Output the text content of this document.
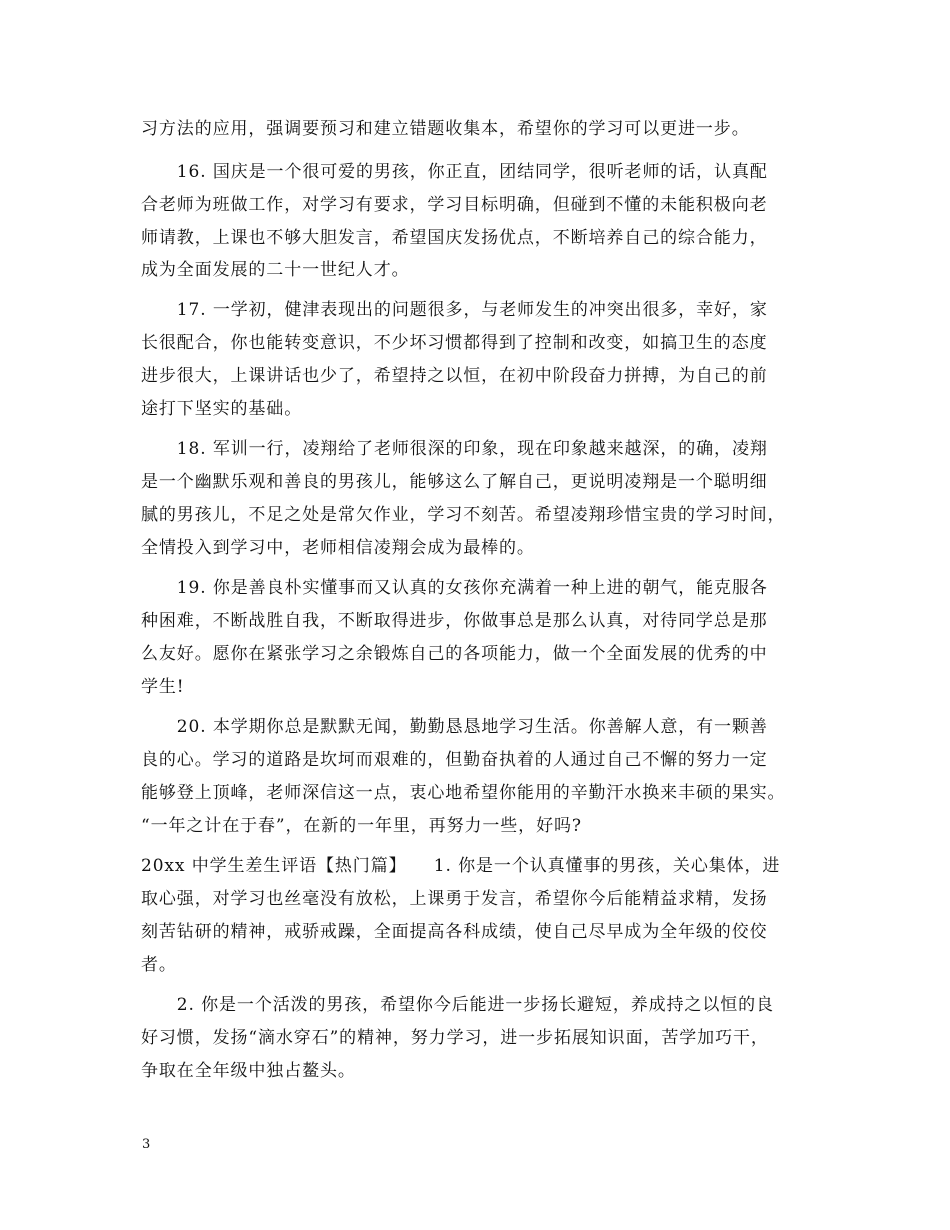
习方法的应用，强调要预习和建立错题收集本，希望你的学习可以更进一步。
　　16. 国庆是一个很可爱的男孩，你正直，团结同学，很听老师的话，认真配
合老师为班做工作，对学习有要求，学习目标明确，但碰到不懂的未能积极向老
师请教，上课也不够大胆发言，希望国庆发扬优点，不断培养自己的综合能力，
成为全面发展的二十一世纪人才。
　　17. 一学初，健津表现出的问题很多，与老师发生的冲突出很多，幸好，家
长很配合，你也能转变意识，不少坏习惯都得到了控制和改变，如搞卫生的态度
进步很大，上课讲话也少了，希望持之以恒，在初中阶段奋力拼搏，为自己的前
途打下坚实的基础。
　　18. 军训一行，凌翔给了老师很深的印象，现在印象越来越深，的确，凌翔
是一个幽默乐观和善良的男孩儿，能够这么了解自己，更说明凌翔是一个聪明细
腻的男孩儿，不足之处是常欠作业，学习不刻苦。希望凌翔珍惜宝贵的学习时间，
全情投入到学习中，老师相信凌翔会成为最棒的。
　　19. 你是善良朴实懂事而又认真的女孩你充满着一种上进的朝气，能克服各
种困难，不断战胜自我，不断取得进步，你做事总是那么认真，对待同学总是那
么友好。愿你在紧张学习之余锻炼自己的各项能力，做一个全面发展的优秀的中
学生!
　　20. 本学期你总是默默无闻，勤勤恳恳地学习生活。你善解人意，有一颗善
良的心。学习的道路是坎坷而艰难的，但勤奋执着的人通过自己不懈的努力一定
能够登上顶峰，老师深信这一点，衷心地希望你能用的辛勤汗水换来丰硕的果实。
“一年之计在于春”，在新的一年里，再努力一些，好吗?
20xx 中学生差生评语【热门篇】　　1. 你是一个认真懂事的男孩，关心集体，进
取心强，对学习也丝毫没有放松，上课勇于发言，希望你今后能精益求精，发扬
刻苦钻研的精神，戒骄戒躁，全面提高各科成绩，使自己尽早成为全年级的佼佼
者。
　　2. 你是一个活泼的男孩，希望你今后能进一步扬长避短，养成持之以恒的良
好习惯，发扬“滴水穿石”的精神，努力学习，进一步拓展知识面，苦学加巧干，
争取在全年级中独占鳌头。
3
